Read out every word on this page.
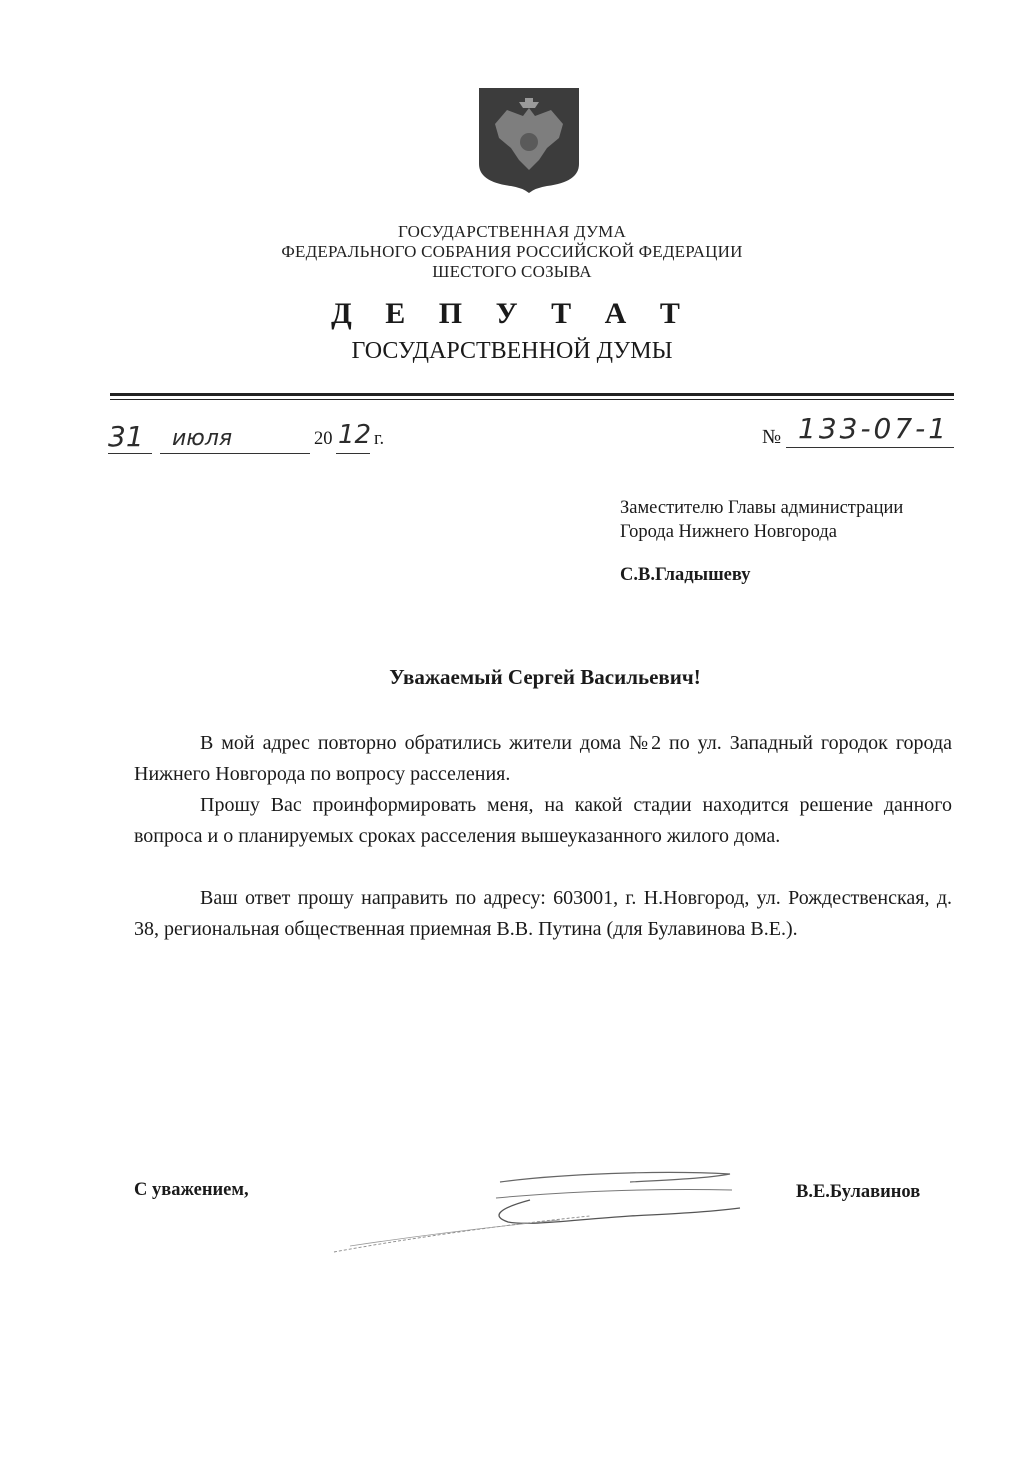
ГОСУДАРСТВЕННАЯ ДУМА
ФЕДЕРАЛЬНОГО СОБРАНИЯ РОССИЙСКОЙ ФЕДЕРАЦИИ
ШЕСТОГО СОЗЫВА
Д Е П У Т А Т
ГОСУДАРСТВЕННОЙ ДУМЫ
31 июля	20 12 г.	№ 133-07-1
Заместителю Главы администрации
Города Нижнего Новгорода
С.В.Гладышеву
Уважаемый Сергей Васильевич!
В мой адрес повторно обратились жители дома №2 по ул. Западный городок города Нижнего Новгорода по вопросу расселения.
Прошу Вас проинформировать меня, на какой стадии находится решение данного вопроса и о планируемых сроках расселения вышеуказанного жилого дома.
Ваш ответ прошу направить по адресу: 603001, г. Н.Новгород, ул. Рождественская, д. 38, региональная общественная приемная В.В. Путина (для Булавинова В.Е.).
С уважением,	В.Е.Булавинов
